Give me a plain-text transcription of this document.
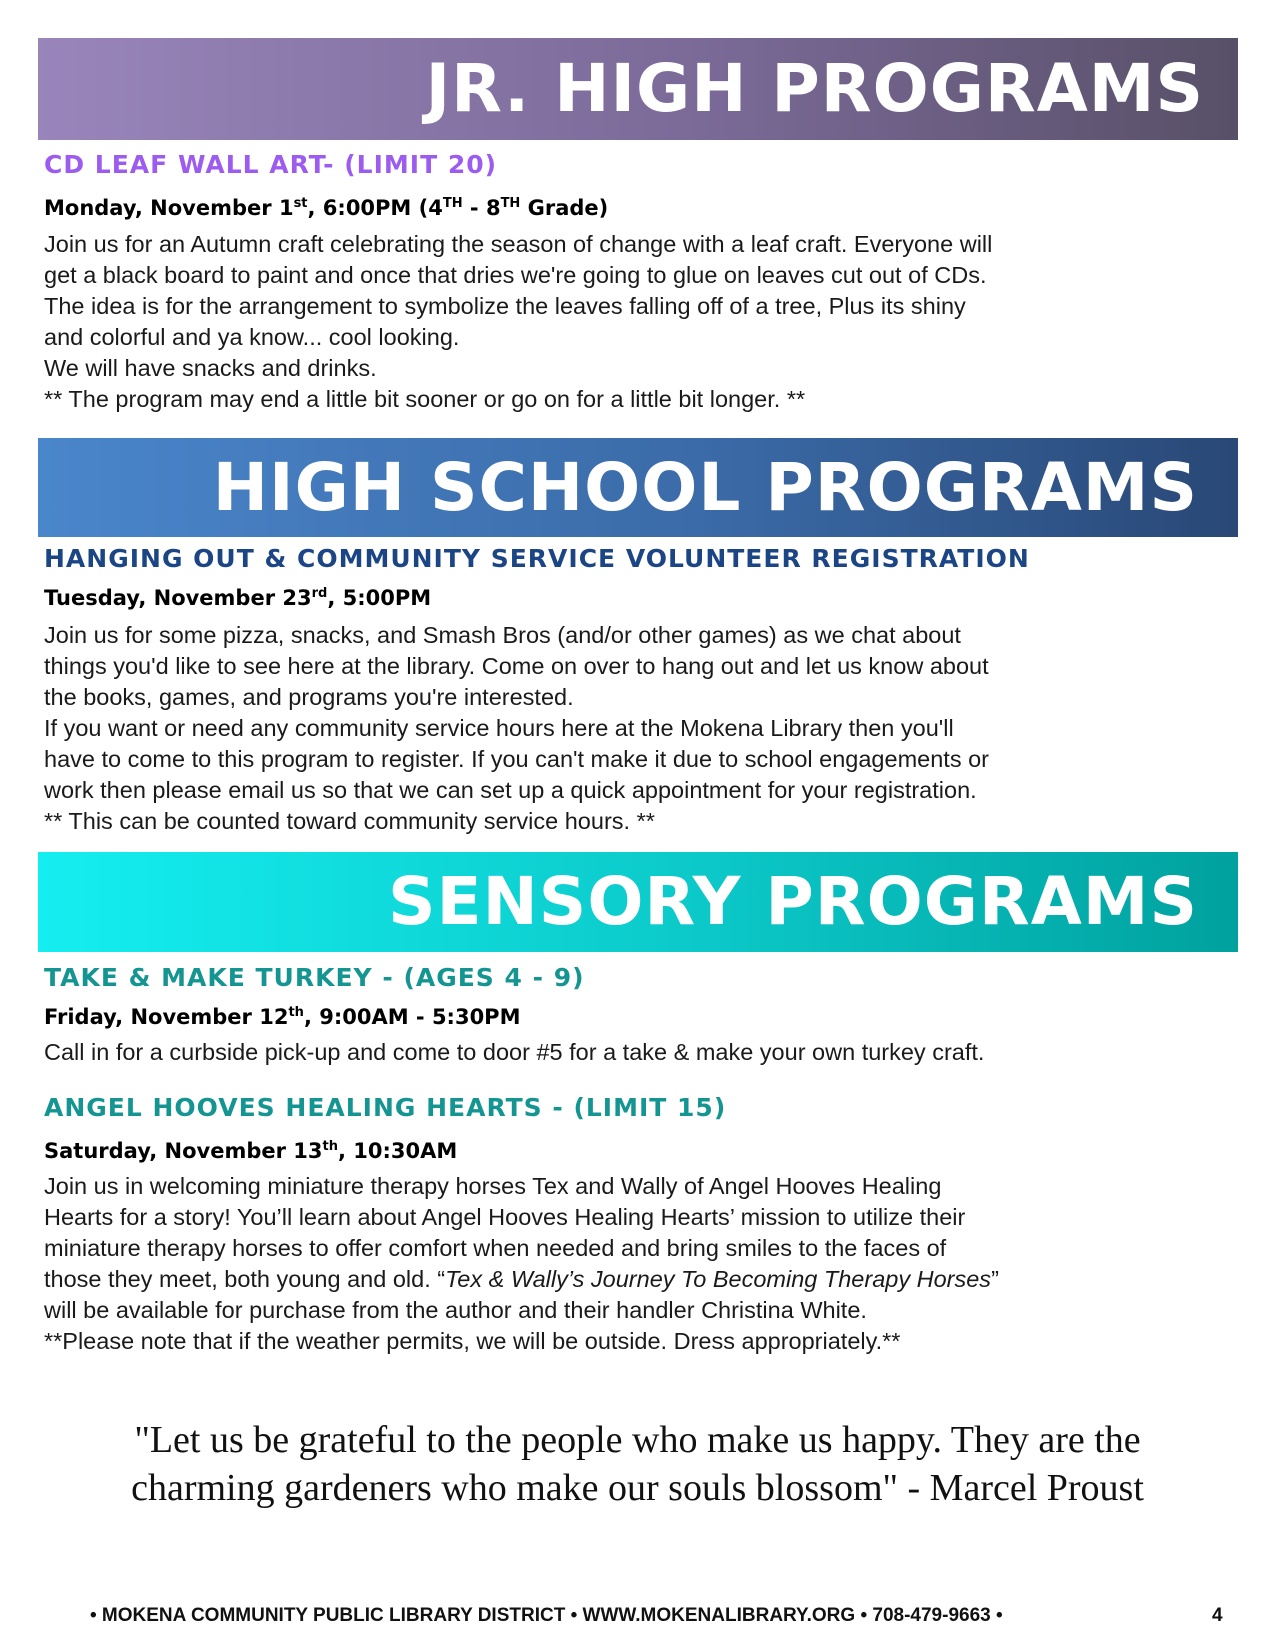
JR. HIGH PROGRAMS
CD LEAF WALL ART- (LIMIT 20)
Monday, November 1st, 6:00PM (4TH - 8TH Grade)

Join us for an Autumn craft celebrating the season of change with a leaf craft. Everyone will

get a black board to paint and once that dries we're going to glue on leaves cut out of CDs.

The idea is for the arrangement to symbolize the leaves falling off of a tree, Plus its shiny

and colorful and ya know... cool looking.

We will have snacks and drinks.

** The program may end a little bit sooner or go on for a little bit longer. **

HIGH SCHOOL PROGRAMS
HANGING OUT & COMMUNITY SERVICE VOLUNTEER REGISTRATION
Tuesday, November 23rd, 5:00PM

Join us for some pizza, snacks, and Smash Bros (and/or other games) as we chat about

things you'd like to see here at the library. Come on over to hang out and let us know about

the books, games, and programs you're interested.

If you want or need any community service hours here at the Mokena Library then you'll

have to come to this program to register. If you can't make it due to school engagements or

work then please email us so that we can set up a quick appointment for your registration.

** This can be counted toward community service hours. **

SENSORY PROGRAMS
TAKE & MAKE TURKEY - (AGES 4 - 9)
Friday, November 12th, 9:00AM - 5:30PM

Call in for a curbside pick-up and come to door #5 for a take & make your own turkey craft.

ANGEL HOOVES HEALING HEARTS - (LIMIT 15)
Saturday, November 13th, 10:30AM

Join us in welcoming miniature therapy horses Tex and Wally of Angel Hooves Healing

Hearts for a story! You’ll learn about Angel Hooves Healing Hearts’ mission to utilize their

miniature therapy horses to offer comfort when needed and bring smiles to the faces of

those they meet, both young and old. “Tex & Wally’s Journey To Becoming Therapy Horses”

will be available for purchase from the author and their handler Christina White.

**Please note that if the weather permits, we will be outside. Dress appropriately.**

"Let us be grateful to the people who make us happy. They are the
charming gardeners who make our souls blossom" - Marcel Proust
• MOKENA COMMUNITY PUBLIC LIBRARY DISTRICT • WWW.MOKENALIBRARY.ORG • 708-479-9663 •	4
